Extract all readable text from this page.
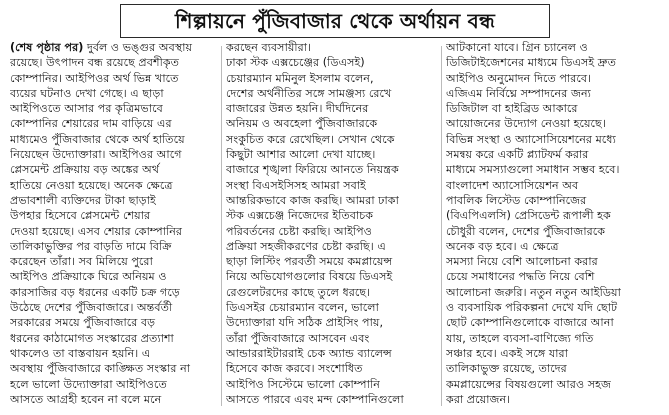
শিল্পায়নে পুঁজিবাজার থেকে অর্থায়ন বন্ধ
(শেষ পৃষ্ঠার পর) দুর্বল ও ভঙ্গুর অবস্থায়
রয়েছে। উৎপাদন বন্ধ রয়েছে প্রবশীকৃত
কোম্পানির। আইপিওর অর্থ ভিন্ন খাতে
ব্যয়ের ঘটনাও দেখা গেছে। এ ছাড়া
আইপিওতে আসার পর কৃত্রিমভাবে
কোম্পানির শেয়ারের দাম বাড়িয়ে এর
মাধ্যমেও পুঁজিবাজার থেকে অর্থ হাতিয়ে
নিয়েছেন উদ্যোক্তারা। আইপিওর আগে
প্লেসমেন্ট প্রক্রিয়ায় বড় অঙ্কের অর্থ
হাতিয়ে নেওয়া হয়েছে। অনেক ক্ষেত্রে
প্রভাবশালী ব্যক্তিদের টাকা ছাড়াই
উপহার হিসেবে প্লেসমেন্ট শেয়ার
দেওয়া হয়েছে। এসব শেয়ার কোম্পানির
তালিকাভুক্তির পর বাড়তি দামে বিক্রি
করেছেন তাঁরা। সব মিলিয়ে পুরো
আইপিও প্রক্রিয়াকে ঘিরে অনিয়ম ও
কারসাজির বড় ধরনের একটি চক্র গড়ে
উঠেছে দেশের পুঁজিবাজারে। অন্তর্বর্তী
সরকারের সময়ে পুঁজিবাজারে বড়
ধরনের কাঠামোগত সংস্কারের প্রত্যাশা
থাকলেও তা বাস্তবায়ন হয়নি। এ
অবস্থায় পুঁজিবাজারে কাঙ্ক্ষিত সংস্কার না
হলে ভালো উদ্যোক্তারা আইপিওতে
আসতে আগ্রহী হবেন না বলে মনে
করছেন ব্যবসায়ীরা।
ঢাকা স্টক এক্সচেঞ্জের (ডিএসই)
চেয়ারম্যান মমিনুল ইসলাম বলেন,
দেশের অর্থনীতির সঙ্গে সামঞ্জস্য রেখে
বাজারের উন্নত হয়নি। দীর্ঘদিনের
অনিয়ম ও অবহেলা পুঁজিবাজারকে
সংকুচিত করে রেখেছিল। সেখান থেকে
কিছুটা আশার আলো দেখা যাচ্ছে।
বাজারে শৃঙ্খলা ফিরিয়ে আনতে নিয়ন্ত্রক
সংস্থা বিএসইসিসহ আমরা সবাই
আন্তরিকভাবে কাজ করছি। আমরা ঢাকা
স্টক এক্সচেঞ্জ নিজেদের ইতিবাচক
পরিবর্তনের চেষ্টা করছি। আইপিও
প্রক্রিয়া সহজীকরণের চেষ্টা করছি। এ
ছাড়া লিস্টিং পরবর্তী সময়ে কমপ্লায়েন্স
নিয়ে অভিযোগগুলোর বিষয়ে ডিএসই
রেগুলেটরদের কাছে তুলে ধরছে।
ডিএসইর চেয়ারম্যান বলেন, ভালো
উদ্যোক্তারা যদি সঠিক প্রাইসিং পায়,
তাঁরা পুঁজিবাজারে আসবেন এবং
আন্ডাররাইটাররাই চেক অ্যান্ড ব্যালেন্স
হিসেবে কাজ করবে। সংশোধিত
আইপিও সিস্টেমে ভালো কোম্পানি
আসতে পারবে এবং মন্দ কোম্পানিগুলো
আটকানো যাবে। গ্রিন চ্যানেল ও
ডিজিটাইজেশনের মাধ্যমে ডিএসই দ্রুত
আইপিও অনুমোদন দিতে পারবে।
এজিএম নির্বিঘ্নে সম্পাদনের জন্য
ডিজিটাল বা হাইব্রিড আকারে
আয়োজনের উদ্যোগ নেওয়া হয়েছে।
বিভিন্ন সংস্থা ও অ্যাসোসিয়েশনের মধ্যে
সমন্বয় করে একটি প্ল্যাটফর্ম করার
মাধ্যমে সমস্যাগুলো সমাধান সম্ভব হবে।
বাংলাদেশ অ্যাসোসিয়েশন অব
পাবলিক লিস্টেড কোম্পানিজের
(বিএপিএলসি) প্রেসিডেন্ট রূপালী হক
চৌধুরী বলেন, দেশের পুঁজিবাজারকে
অনেক বড় হবে। এ ক্ষেত্রে
সমস্যা নিয়ে বেশি আলোচনা করার
চেয়ে সমাধানের পদ্ধতি নিয়ে বেশি
আলোচনা জরুরি। নতুন নতুন আইডিয়া
ও ব্যবসায়িক পরিকল্পনা দেখে যদি ছোট
ছোট কোম্পানিগুলোকে বাজারে আনা
যায়, তাহলে ব্যবসা-বাণিজ্যে গতি
সঞ্চার হবে। একই সঙ্গে যারা
তালিকাভুক্ত রয়েছে, তাদের
কমপ্লায়েন্সের বিষয়গুলো আরও সহজ
করা প্রয়োজন।
